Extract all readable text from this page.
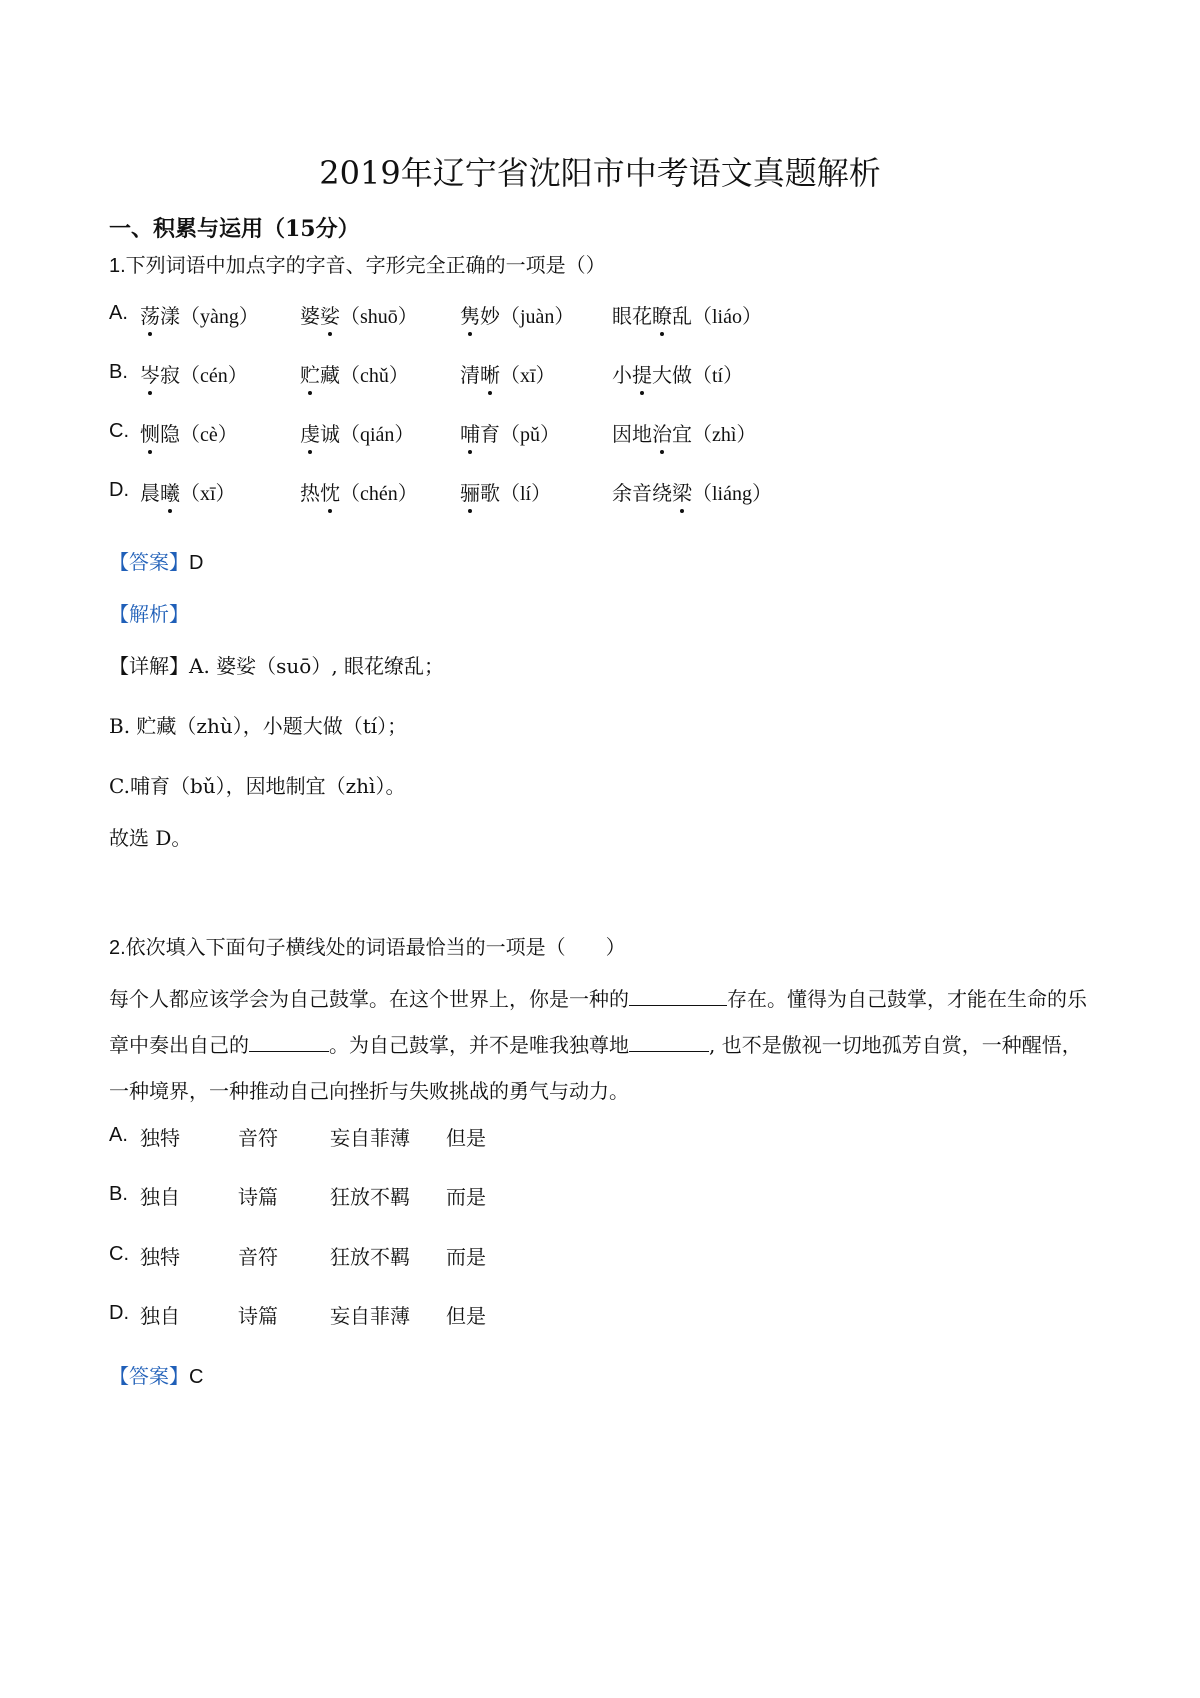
2019年辽宁省沈阳市中考语文真题解析
一、积累与运用（15分）
1.下列词语中加点字的字音、字形完全正确的一项是（）
A. 荡漾（yàng） 婆娑（shuō） 隽妙（juàn） 眼花瞭乱（liáo）
B. 岑寂（cén）	贮藏（chǔ）	清晰（xī）	小提大做（tí）
C. 恻隐（cè）	虔诚（qián） 哺育（pǔ）	因地治宜（zhì）
D. 晨曦（xī）	热忱（chén） 骊歌（lí）	余音绕梁（liáng）
【答案】D
【解析】
【详解】A. 婆娑（suō）, 眼花缭乱；
B. 贮藏（zhù），小题大做（tí）；
C.哺育（bǔ），因地制宜（zhì）。
故选 D。
2.依次填入下面句子横线处的词语最恰当的一项是（　　）
每个人都应该学会为自己鼓掌。在这个世界上，你是一种的	存在。懂得为自己鼓掌，才能在生命的乐章中奏出自己的	。为自己鼓掌，并不是唯我独尊地	, 也不是傲视一切地孤芳自赏，一种醒悟，一种境界，一种推动自己向挫折与失败挑战的勇气与动力。
A. 独特	音符	妄自菲薄 但是
B. 独自	诗篇	狂放不羁 而是
C. 独特	音符	狂放不羁 而是
D. 独自	诗篇	妄自菲薄 但是
【答案】C
